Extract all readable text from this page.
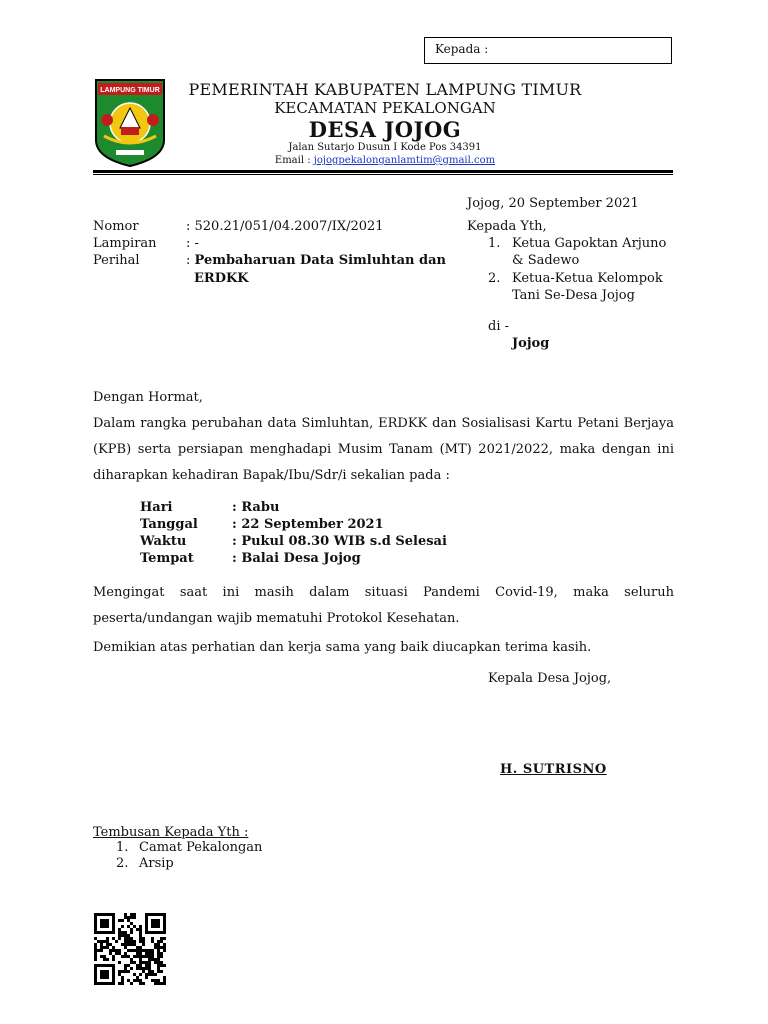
Kepada :
LAMPUNG TIMUR	PEMERINTAH KABUPATEN LAMPUNG TIMUR
KECAMATAN PEKALONGAN
DESA JOJOG
Jalan Sutarjo Dusun I Kode Pos 34391
Email : jojogpekalonganlamtim@gmail.com
Jojog, 20 September 2021
Nomor	: 520.21/051/04.2007/IX/2021
Lampiran : -
Perihal	: Pembaharuan Data Simluhtan dan
ERDKK
Kepada Yth,
1. Ketua Gapoktan Arjuno
& Sadewo
2. Ketua-Ketua Kelompok
Tani Se-Desa Jojog
di -
Jojog
Dengan Hormat,
Dalam rangka perubahan data Simluhtan, ERDKK dan Sosialisasi Kartu Petani Berjaya (KPB) serta persiapan menghadapi Musim Tanam (MT) 2021/2022, maka dengan ini diharapkan kehadiran Bapak/Ibu/Sdr/i sekalian pada :
Hari	: Rabu
Tanggal	: 22 September 2021
Waktu	: Pukul 08.30 WIB s.d Selesai
Tempat	: Balai Desa Jojog
Mengingat saat ini masih dalam situasi Pandemi Covid-19, maka seluruh peserta/undangan wajib mematuhi Protokol Kesehatan.
Demikian atas perhatian dan kerja sama yang baik diucapkan terima kasih.
Kepala Desa Jojog,
H. SUTRISNO
Tembusan Kepada Yth :
1. Camat Pekalongan
2. Arsip
